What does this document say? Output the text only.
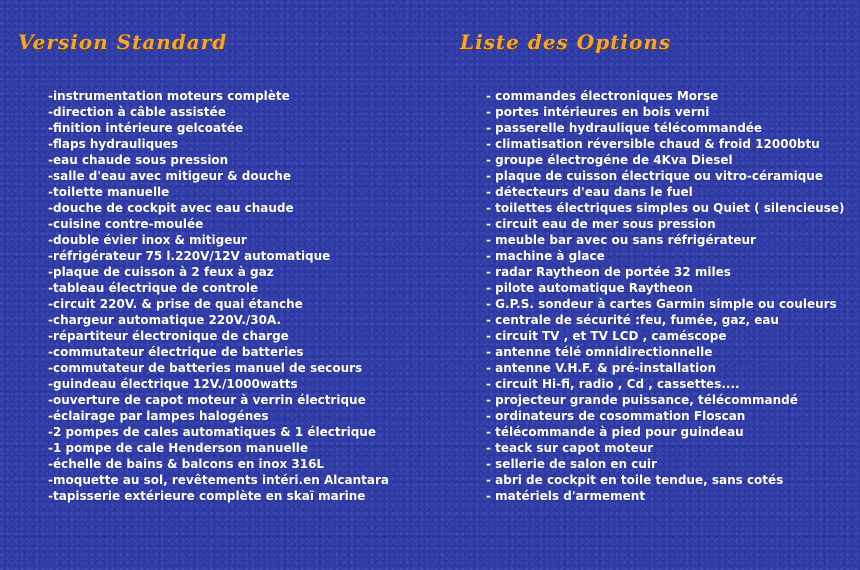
Version Standard
-instrumentation moteurs complète
-direction à câble assistée
-finition intérieure gelcoatée
-flaps hydrauliques
-eau chaude sous pression
-salle d'eau avec mitigeur & douche
-toilette manuelle
-douche de cockpit avec eau chaude
-cuisine contre-moulée
-double évier inox & mitigeur
-réfrigérateur 75 l.220V/12V automatique
-plaque de cuisson à 2 feux à gaz
-tableau électrique de controle
-circuit 220V. & prise de quai étanche
-chargeur automatique 220V./30A.
-répartiteur électronique de charge
-commutateur électrique de batteries
-commutateur de batteries manuel de secours
-guindeau électrique 12V./1000watts
-ouverture de capot moteur à verrin électrique
-éclairage par lampes halogénes
-2 pompes de cales automatiques & 1 électrique
-1 pompe de cale Henderson manuelle
-échelle de bains & balcons en inox 316L
-moquette au sol, revêtements intéri.en Alcantara
-tapisserie extérieure complète en skaï marine
Liste des Options
- commandes électroniques Morse
- portes intérieures en bois verni
- passerelle hydraulique télécommandée
- climatisation réversible chaud & froid 12000btu
- groupe électrogéne de 4Kva Diesel
- plaque de cuisson électrique ou vitro-céramique
- détecteurs d'eau dans le fuel
- toilettes électriques simples ou Quiet ( silencieuse)
- circuit eau de mer sous pression
- meuble bar avec ou sans réfrigérateur
- machine à glace
- radar Raytheon de portée 32 miles
- pilote automatique Raytheon
- G.P.S. sondeur à cartes Garmin simple ou couleurs
- centrale de sécurité :feu, fumée, gaz, eau
- circuit TV , et TV LCD , caméscope
- antenne télé omnidirectionnelle
- antenne V.H.F. & pré-installation
- circuit Hi-fi, radio , Cd , cassettes....
- projecteur grande puissance, télécommandé
- ordinateurs de cosommation Floscan
- télécommande à pied pour guindeau
- teack sur capot moteur
- sellerie de salon en cuir
- abri de cockpit en toile tendue, sans cotés
- matériels d'armement
